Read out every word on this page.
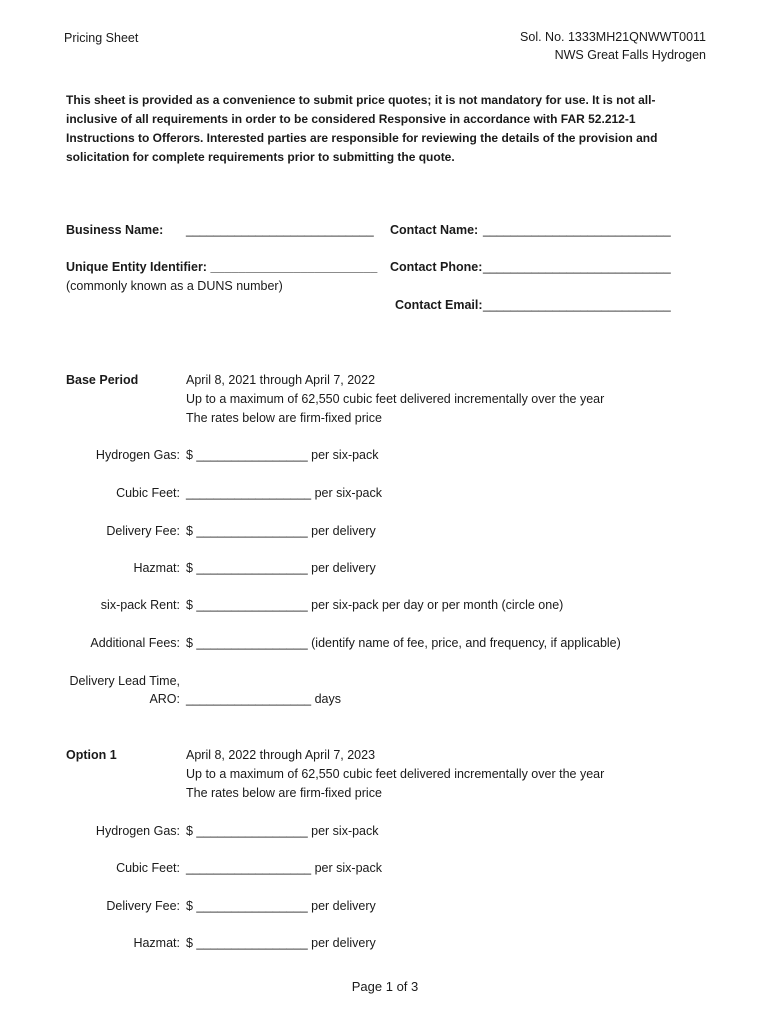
Pricing Sheet	Sol. No. 1333MH21QNWWT0011
NWS Great Falls Hydrogen
This sheet is provided as a convenience to submit price quotes; it is not mandatory for use. It is not all-inclusive of all requirements in order to be considered Responsive in accordance with FAR 52.212-1 Instructions to Offerors. Interested parties are responsible for reviewing the details of the provision and solicitation for complete requirements prior to submitting the quote.
Business Name: ___________________________ Contact Name: ___________________________
Unique Entity Identifier: ________________________
(commonly known as a DUNS number)
Contact Phone: ___________________________
Contact Email: ___________________________
Base Period	April 8, 2021 through April 7, 2022
Up to a maximum of 62,550 cubic feet delivered incrementally over the year
The rates below are firm-fixed price
Hydrogen Gas: $ ________________ per six-pack
Cubic Feet: __________________ per six-pack
Delivery Fee: $ ________________ per delivery
Hazmat: $ ________________ per delivery
six-pack Rent: $ ________________ per six-pack per day or per month (circle one)
Additional Fees: $ ________________ (identify name of fee, price, and frequency, if applicable)
Delivery Lead Time,
ARO: __________________ days
Option 1	April 8, 2022 through April 7, 2023
Up to a maximum of 62,550 cubic feet delivered incrementally over the year
The rates below are firm-fixed price
Hydrogen Gas: $ ________________ per six-pack
Cubic Feet: __________________ per six-pack
Delivery Fee: $ ________________ per delivery
Hazmat: $ ________________ per delivery
Page 1 of 3
